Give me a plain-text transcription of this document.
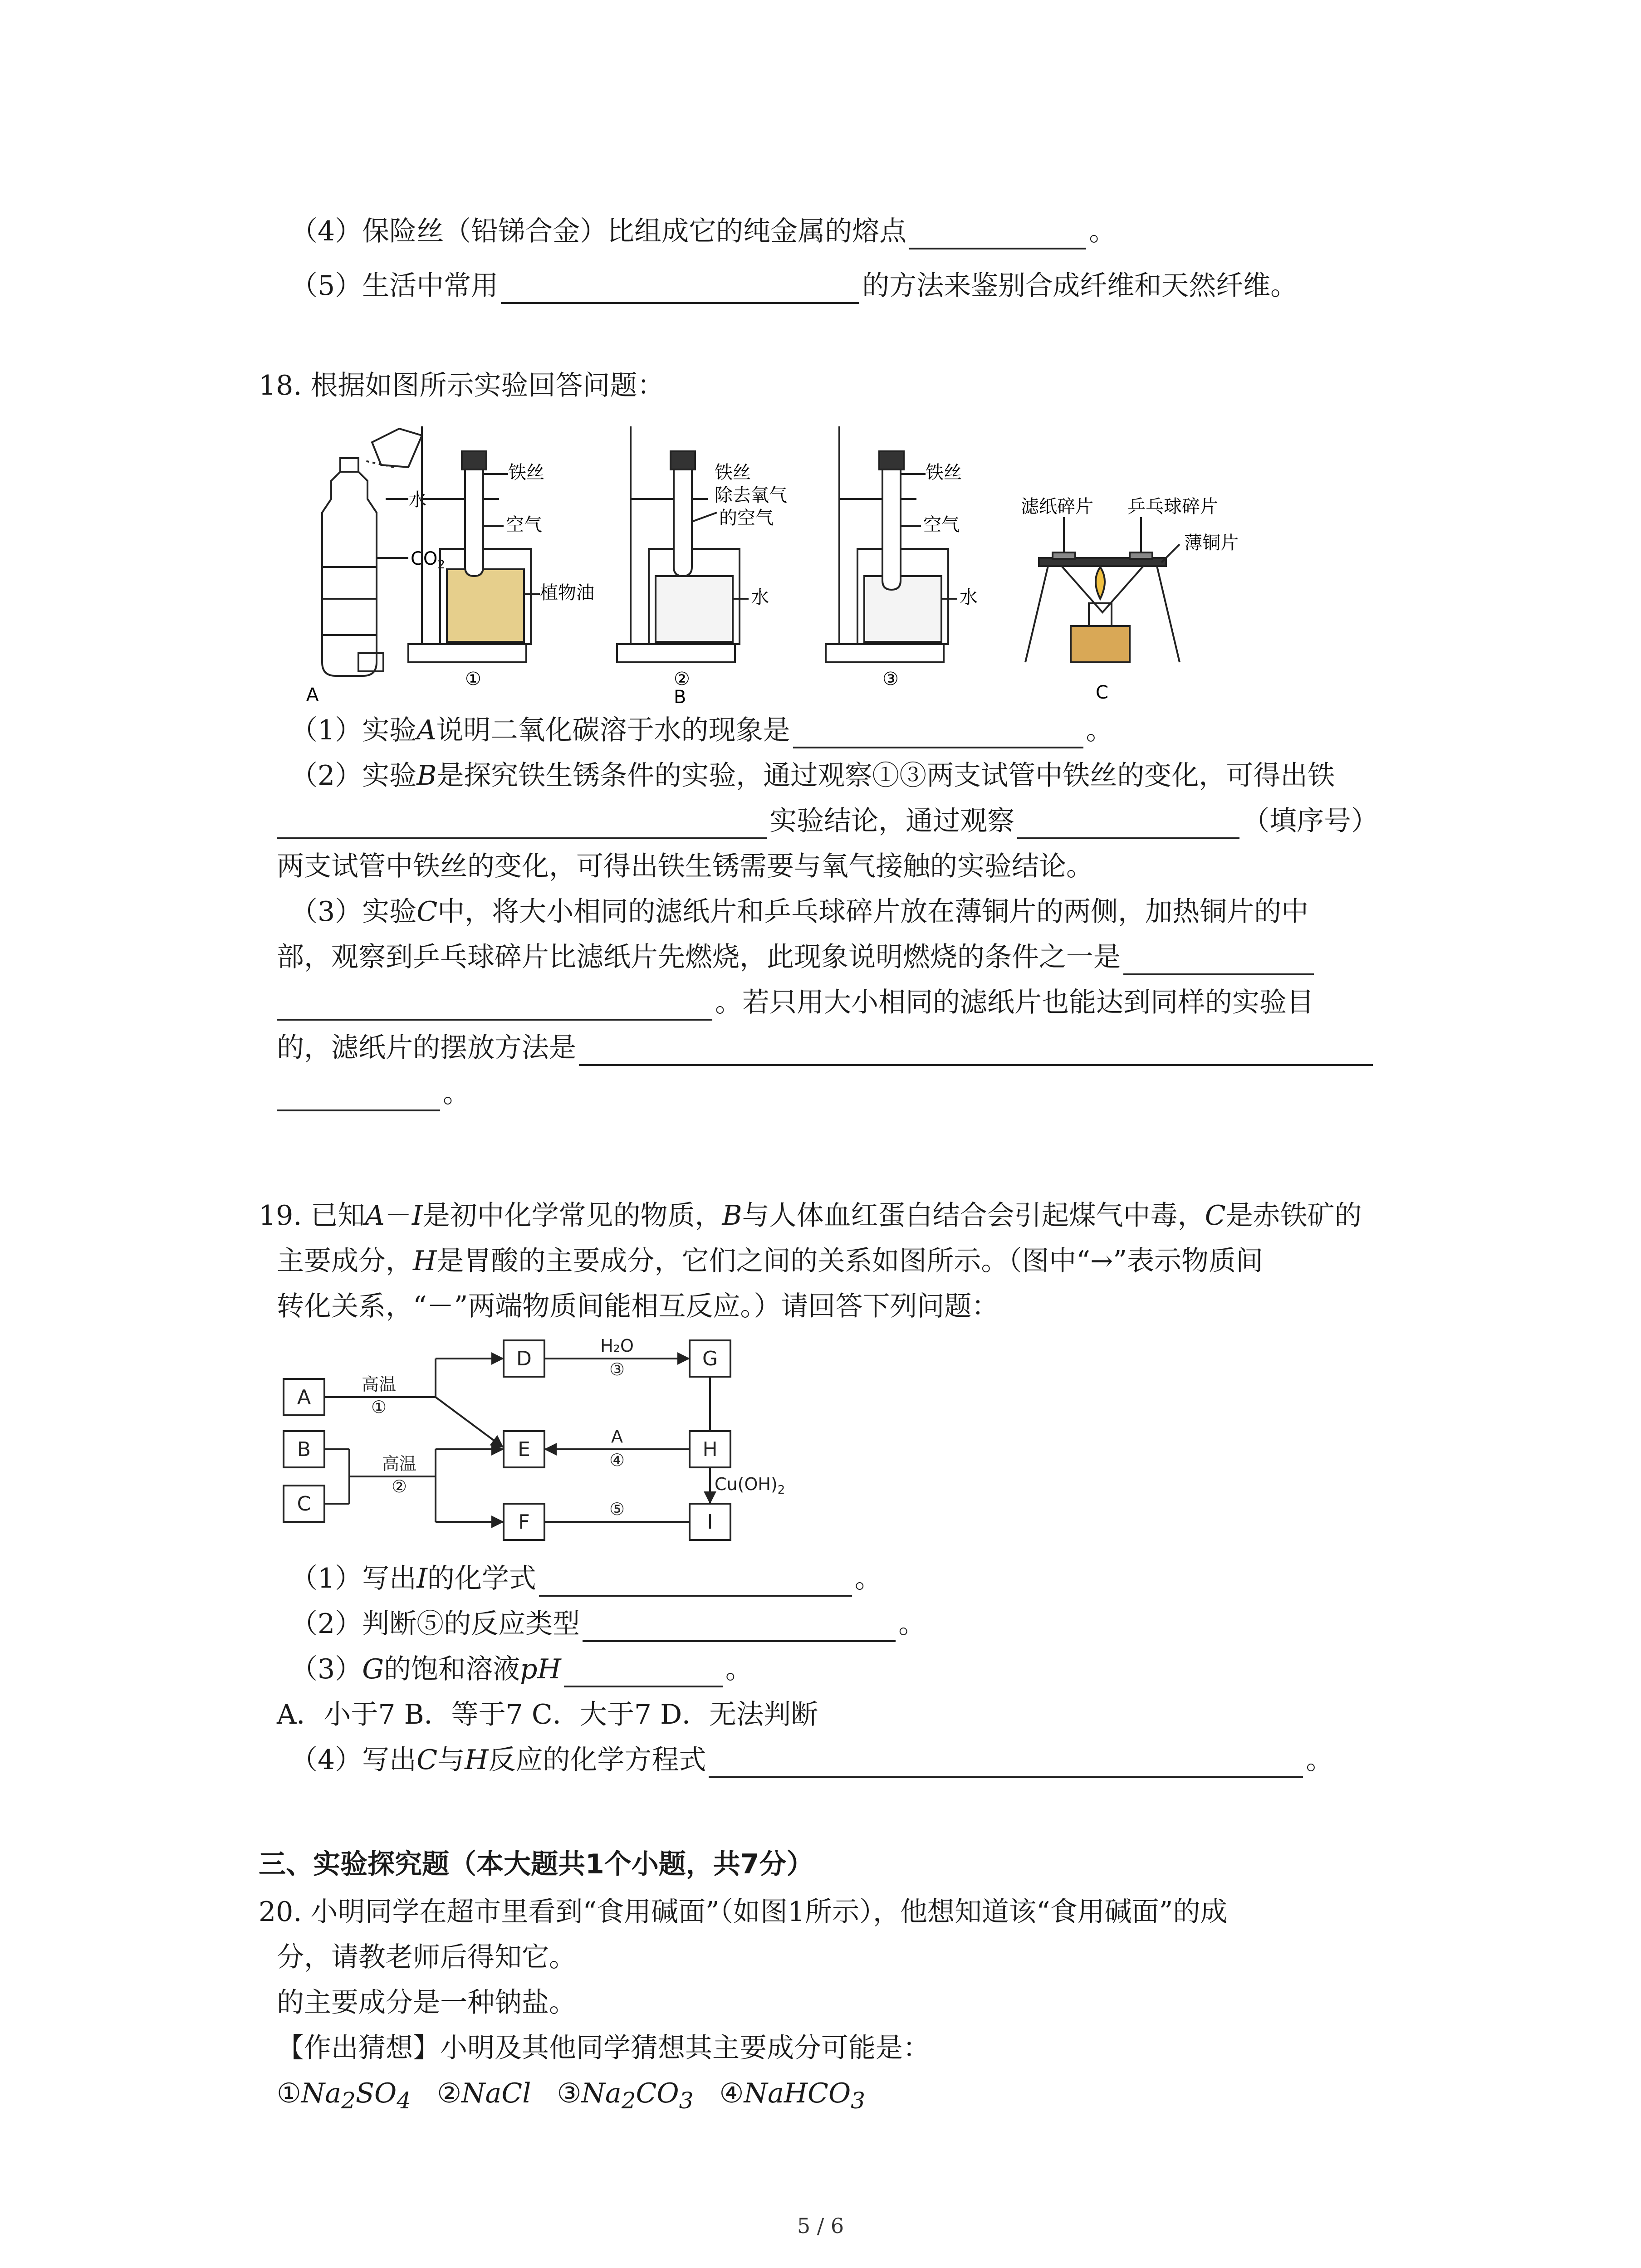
（4）保险丝（铅锑合金）比组成它的纯金属的熔点	。
（5）生活中常用	的方法来鉴别合成纤维和天然纤维。
18. 根据如图所示实验回答问题：
水
$CO_2$
A
铁丝
空气
植物油
①
铁丝
除去氧气
的空气
水
②
B
铁丝
空气
水
③
滤纸碎片 乒乓球碎片
薄铜片
C
（1）实验A说明二氧化碳溶于水的现象是	。
（2）实验B是探究铁生锈条件的实验，通过观察①③两支试管中铁丝的变化，可得出铁
实验结论，通过观察	（填序号）
两支试管中铁丝的变化，可得出铁生锈需要与氧气接触的实验结论。
（3）实验C中，将大小相同的滤纸片和乒乓球碎片放在薄铜片的两侧，加热铜片的中
部，观察到乒乓球碎片比滤纸片先燃烧，此现象说明燃烧的条件之一是
。若只用大小相同的滤纸片也能达到同样的实验目
的，滤纸片的摆放方法是
。
19. 已知A－I是初中化学常见的物质，B与人体血红蛋白结合会引起煤气中毒，C是赤铁矿的
主要成分，H是胃酸的主要成分，它们之间的关系如图所示。（图中“→”表示物质间
转化关系，“－”两端物质间能相互反应。）请回答下列问题：
A
B
C
D
E
F
G
H
I
高温
①
高温
②
H₂O
③
A
④
⑤
$Cu(OH)_2$
（1）写出I的化学式	。
（2）判断⑤的反应类型	。
（3）G的饱和溶液pH	。
A．小于7 B．等于7 C．大于7 D．无法判断
（4）写出C与H反应的化学方程式	。
三、实验探究题（本大题共1个小题，共7分）
20. 小明同学在超市里看到“食用碱面”（如图1所示），他想知道该“食用碱面”的成
分，请教老师后得知它。
的主要成分是一种钠盐。
【作出猜想】小明及其他同学猜想其主要成分可能是：
$①Na_2SO_4$ ②NaCl $③Na_2CO_3$ ④NaHCO$_3$
5 / 6
